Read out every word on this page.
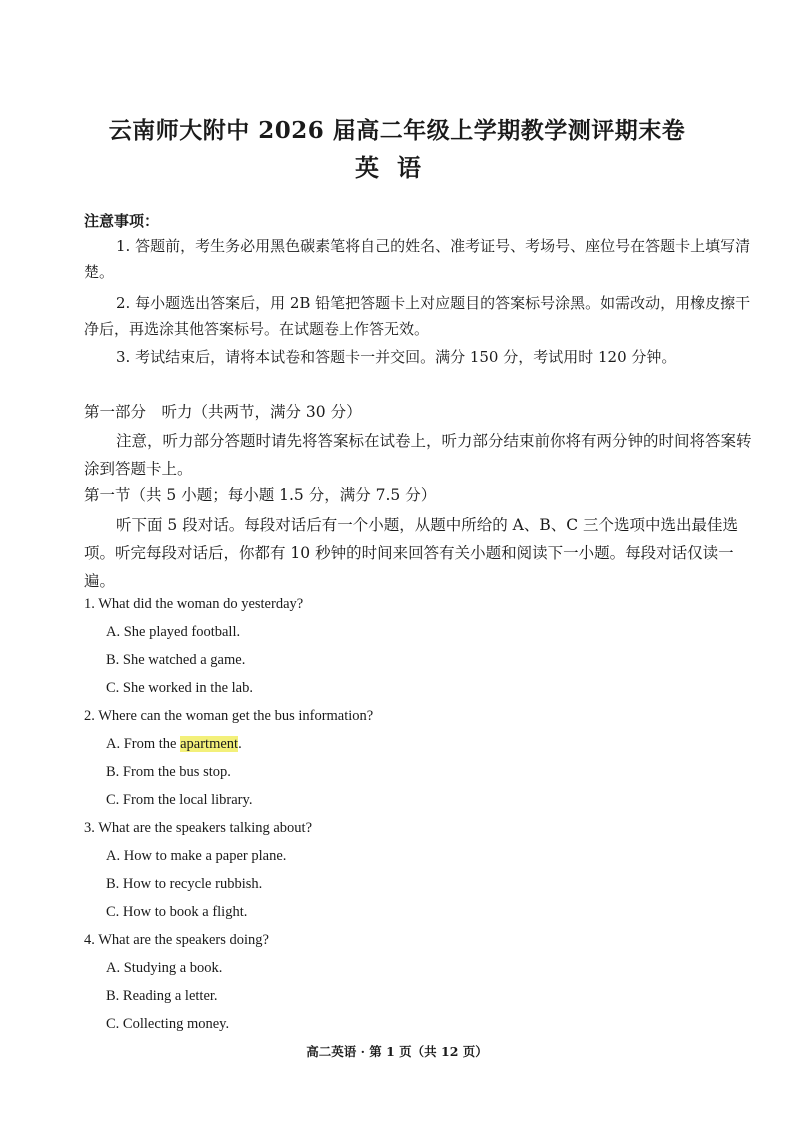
云南师大附中 2026 届高二年级上学期教学测评期末卷
英语
注意事项：

1. 答题前，考生务必用黑色碳素笔将自己的姓名、准考证号、考场号、座位号在答题卡上填写清楚。

2. 每小题选出答案后，用 2B 铅笔把答题卡上对应题目的答案标号涂黑。如需改动，用橡皮擦干净后，再选涂其他答案标号。在试题卷上作答无效。

3. 考试结束后，请将本试卷和答题卡一并交回。满分 150 分，考试用时 120 分钟。

第一部分　听力（共两节，满分 30 分）

注意，听力部分答题时请先将答案标在试卷上，听力部分结束前你将有两分钟的时间将答案转涂到答题卡上。

第一节（共 5 小题；每小题 1.5 分，满分 7.5 分）

听下面 5 段对话。每段对话后有一个小题，从题中所给的 A、B、C 三个选项中选出最佳选项。听完每段对话后，你都有 10 秒钟的时间来回答有关小题和阅读下一小题。每段对话仅读一遍。

1. What did the woman do yesterday?
A. She played football.
B. She watched a game.
C. She worked in the lab.
2. Where can the woman get the bus information?
A. From the apartment.
B. From the bus stop.
C. From the local library.
3. What are the speakers talking about?
A. How to make a paper plane.
B. How to recycle rubbish.
C. How to book a flight.
4. What are the speakers doing?
A. Studying a book.
B. Reading a letter.
C. Collecting money.
高二英语 · 第 1 页（共 12 页）
